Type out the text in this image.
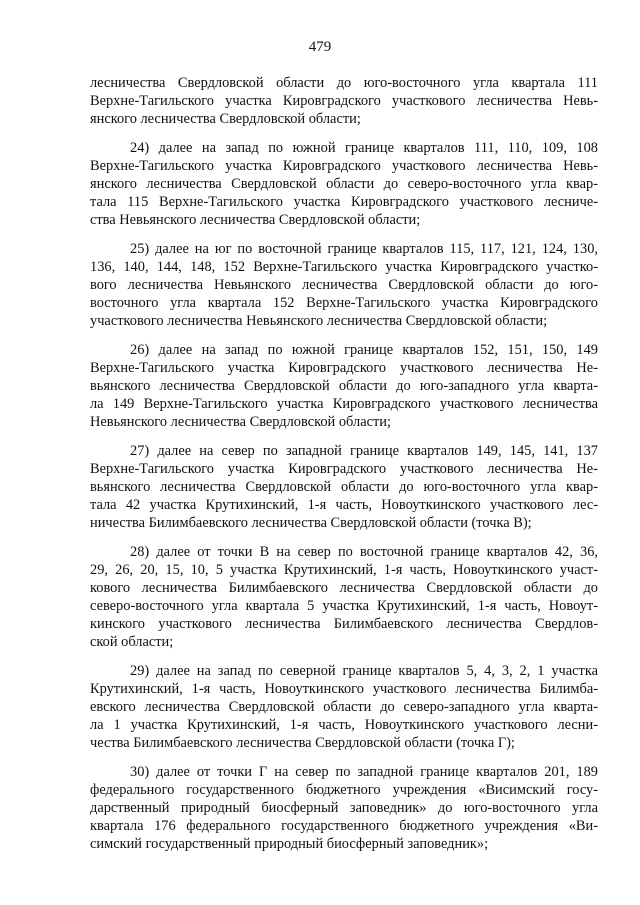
479
лесничества Свердловской области до юго-восточного угла квартала 111
Верхне-Тагильского участка Кировградского участкового лесничества Невь-
янского лесничества Свердловской области;
24) далее на запад по южной границе кварталов 111, 110, 109, 108
Верхне-Тагильского участка Кировградского участкового лесничества Невь-
янского лесничества Свердловской области до северо-восточного угла квар-
тала 115 Верхне-Тагильского участка Кировградского участкового лесниче-
ства Невьянского лесничества Свердловской области;
25) далее на юг по восточной границе кварталов 115, 117, 121, 124, 130,
136, 140, 144, 148, 152 Верхне-Тагильского участка Кировградского участко-
вого лесничества Невьянского лесничества Свердловской области до юго-
восточного угла квартала 152 Верхне-Тагильского участка Кировградского
участкового лесничества Невьянского лесничества Свердловской области;
26) далее на запад по южной границе кварталов 152, 151, 150, 149
Верхне-Тагильского участка Кировградского участкового лесничества Не-
вьянского лесничества Свердловской области до юго-западного угла кварта-
ла 149 Верхне-Тагильского участка Кировградского участкового лесничества
Невьянского лесничества Свердловской области;
27) далее на север по западной границе кварталов 149, 145, 141, 137
Верхне-Тагильского участка Кировградского участкового лесничества Не-
вьянского лесничества Свердловской области до юго-восточного угла квар-
тала 42 участка Крутихинский, 1-я часть, Новоуткинского участкового лес-
ничества Билимбаевского лесничества Свердловской области (точка В);
28) далее от точки В на север по восточной границе кварталов 42, 36,
29, 26, 20, 15, 10, 5 участка Крутихинский, 1-я часть, Новоуткинского участ-
кового лесничества Билимбаевского лесничества Свердловской области до
северо-восточного угла квартала 5 участка Крутихинский, 1-я часть, Новоут-
кинского участкового лесничества Билимбаевского лесничества Свердлов-
ской области;
29) далее на запад по северной границе кварталов 5, 4, 3, 2, 1 участка
Крутихинский, 1-я часть, Новоуткинского участкового лесничества Билимба-
евского лесничества Свердловской области до северо-западного угла кварта-
ла 1 участка Крутихинский, 1-я часть, Новоуткинского участкового лесни-
чества Билимбаевского лесничества Свердловской области (точка Г);
30) далее от точки Г на север по западной границе кварталов 201, 189
федерального государственного бюджетного учреждения «Висимский госу-
дарственный природный биосферный заповедник» до юго-восточного угла
квартала 176 федерального государственного бюджетного учреждения «Ви-
симский государственный природный биосферный заповедник»;
